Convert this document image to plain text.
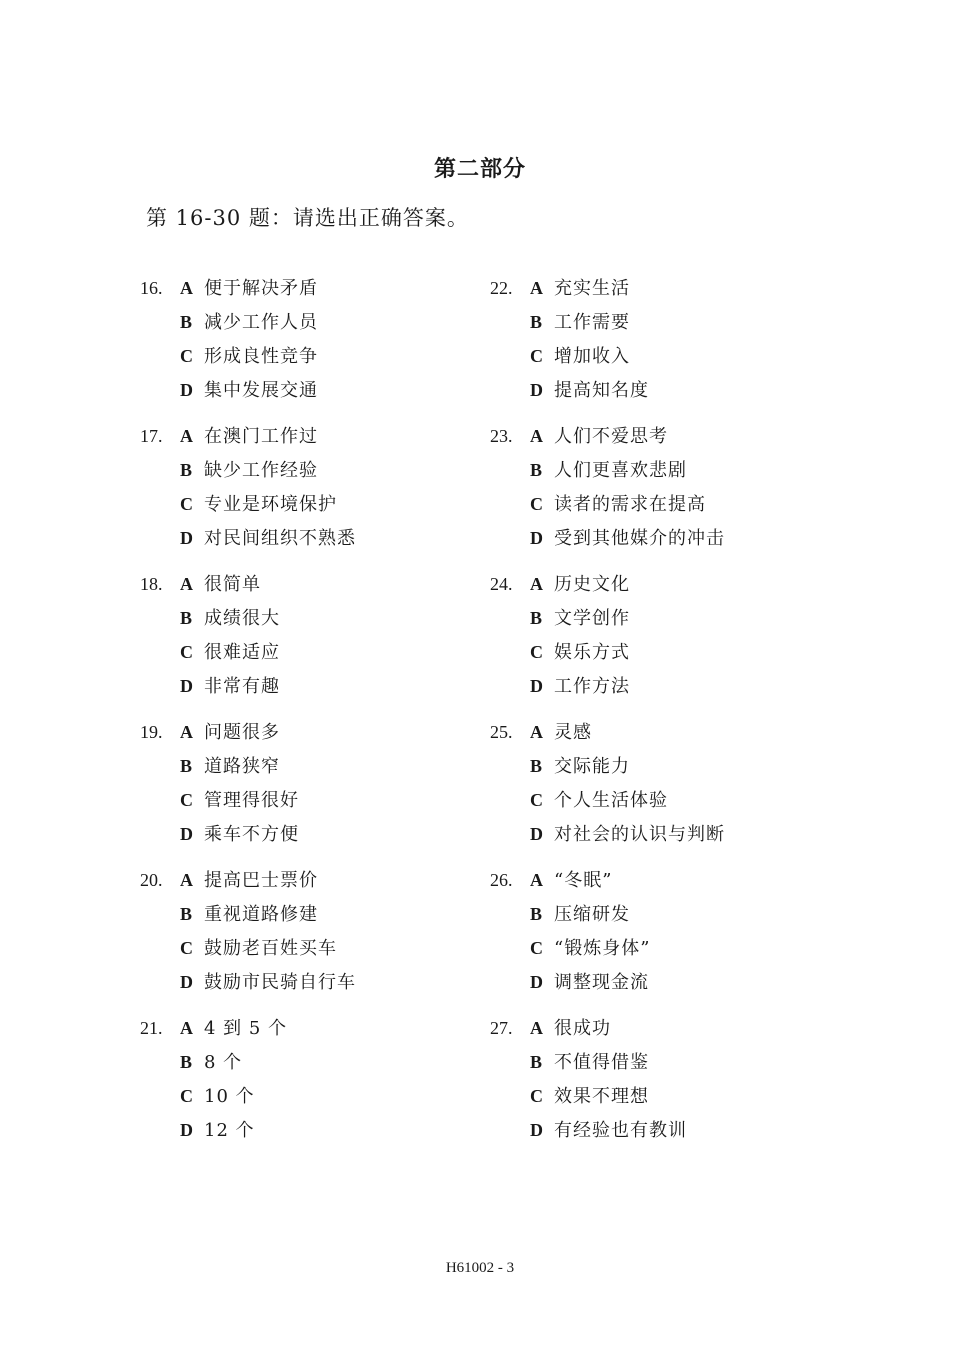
第二部分
第 16-30 题：请选出正确答案。
16. A 便于解决矛盾
B 减少工作人员
C 形成良性竞争
D 集中发展交通
17. A 在澳门工作过
B 缺少工作经验
C 专业是环境保护
D 对民间组织不熟悉
18. A 很简单
B 成绩很大
C 很难适应
D 非常有趣
19. A 问题很多
B 道路狭窄
C 管理得很好
D 乘车不方便
20. A 提高巴士票价
B 重视道路修建
C 鼓励老百姓买车
D 鼓励市民骑自行车
21. A 4 到 5 个
B 8 个
C 10 个
D 12 个
22. A 充实生活
B 工作需要
C 增加收入
D 提高知名度
23. A 人们不爱思考
B 人们更喜欢悲剧
C 读者的需求在提高
D 受到其他媒介的冲击
24. A 历史文化
B 文学创作
C 娱乐方式
D 工作方法
25. A 灵感
B 交际能力
C 个人生活体验
D 对社会的认识与判断
26. A “冬眠”
B 压缩研发
C “锻炼身体”
D 调整现金流
27. A 很成功
B 不值得借鉴
C 效果不理想
D 有经验也有教训
H61002 - 3
